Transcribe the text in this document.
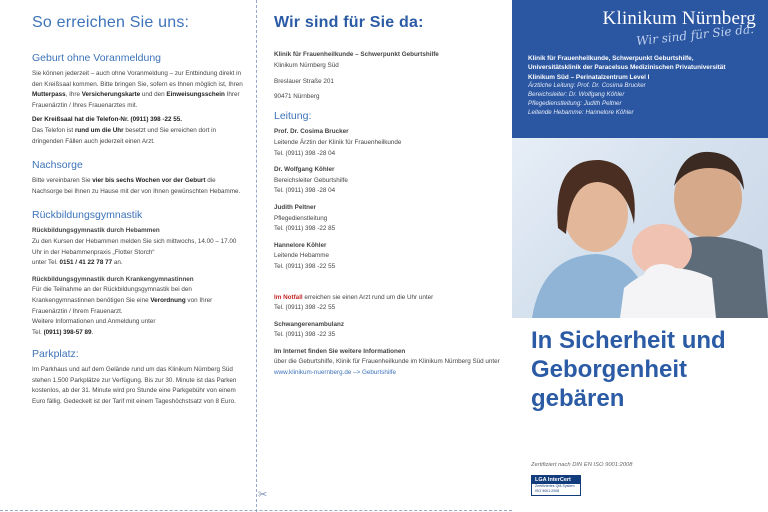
So erreichen Sie uns:
Geburt ohne Voranmeldung

Sie können jederzeit – auch ohne Voranmeldung – zur Entbindung direkt in den Kreißsaal kommen. Bitte bringen Sie, sofern es Ihnen möglich ist, Ihren Mutterpass, Ihre Versicherungskarte und den Einweisungsschein Ihrer Frauenärztin / Ihres Frauenarztes mit.

Der Kreißsaal hat die Telefon-Nr. (0911) 398 -22 55.
Das Telefon ist rund um die Uhr besetzt und Sie erreichen dort in dringenden Fällen auch jederzeit einen Arzt.

Nachsorge

Bitte vereinbaren Sie vier bis sechs Wochen vor der Geburt die Nachsorge bei Ihnen zu Hause mit der von Ihnen gewünschten Hebamme.

Rückbildungsgymnastik

Rückbildungsgymnastik durch Hebammen

Zu den Kursen der Hebammen melden Sie sich mittwochs, 14.00 – 17.00 Uhr in der Hebammenpraxis „Flotter Storch“
unter Tel. 0151 / 41 22 78 77 an.

Rückbildungsgymnastik durch Krankengymnastinnen

Für die Teilnahme an der Rückbildungsgymnastik bei den Krankengymnastinnen benötigen Sie eine Verordnung von Ihrer Frauenärztin / Ihrem Frauenarzt.
Weitere Informationen und Anmeldung unter
Tel. (0911) 398-57 89.

Parkplatz:

Im Parkhaus und auf dem Gelände rund um das Klinikum Nürnberg Süd stehen 1.500 Parkplätze zur Verfügung. Bis zur 30. Minute ist das Parken kostenlos, ab der 31. Minute wird pro Stunde eine Parkgebühr von einem Euro fällig. Gedeckelt ist der Tarif mit einem Tageshöchstsatz von 8 Euro.

Wir sind für Sie da:

Klinik für Frauenheilkunde – Schwerpunkt Geburtshilfe

Klinikum Nürnberg Süd

Breslauer Straße 201

90471 Nürnberg

Leitung:

Prof. Dr. Cosima Brucker

Leitende Ärztin der Klinik für Frauenheilkunde

Tel. (0911) 398 -28 04

Dr. Wolfgang Köhler

Bereichsleiter Geburtshilfe

Tel. (0911) 398 -28 04

Judith Peltner

Pflegedienstleitung

Tel. (0911) 398 -22 85

Hannelore Köhler

Leitende Hebamme

Tel. (0911) 398 -22 55

Im Notfall erreichen sie einen Arzt rund um die Uhr unter

Tel. (0911) 398 -22 55

Schwangerenambulanz

Tel. (0911) 398 -22 35

Im Internet finden Sie weitere Informationen

über die Geburtshilfe, Klinik für Frauenheilkunde im Klinikum Nürnberg Süd unter www.klinikum-nuernberg.de –> Geburtshilfe

Klinikum Nürnberg
Wir sind für Sie da.
Klinik für Frauenheilkunde, Schwerpunkt Geburtshilfe,
Universitätsklinik der Paracelsus Medizinischen Privatuniversität
Klinikum Süd – Perinatalzentrum Level I
Ärztliche Leitung: Prof. Dr. Cosima Brucker
Bereichsleiter: Dr. Wolfgang Köhler
Pflegedienstleitung: Judith Peltner
Leitende Hebamme: Hannelore Köhler
In Sicherheit und Geborgenheit gebären
Zertifiziert nach DIN EN ISO 9001:2008
LGA InterCert
Zertifiziertes QM-System
ISO 9001:2008
✂
